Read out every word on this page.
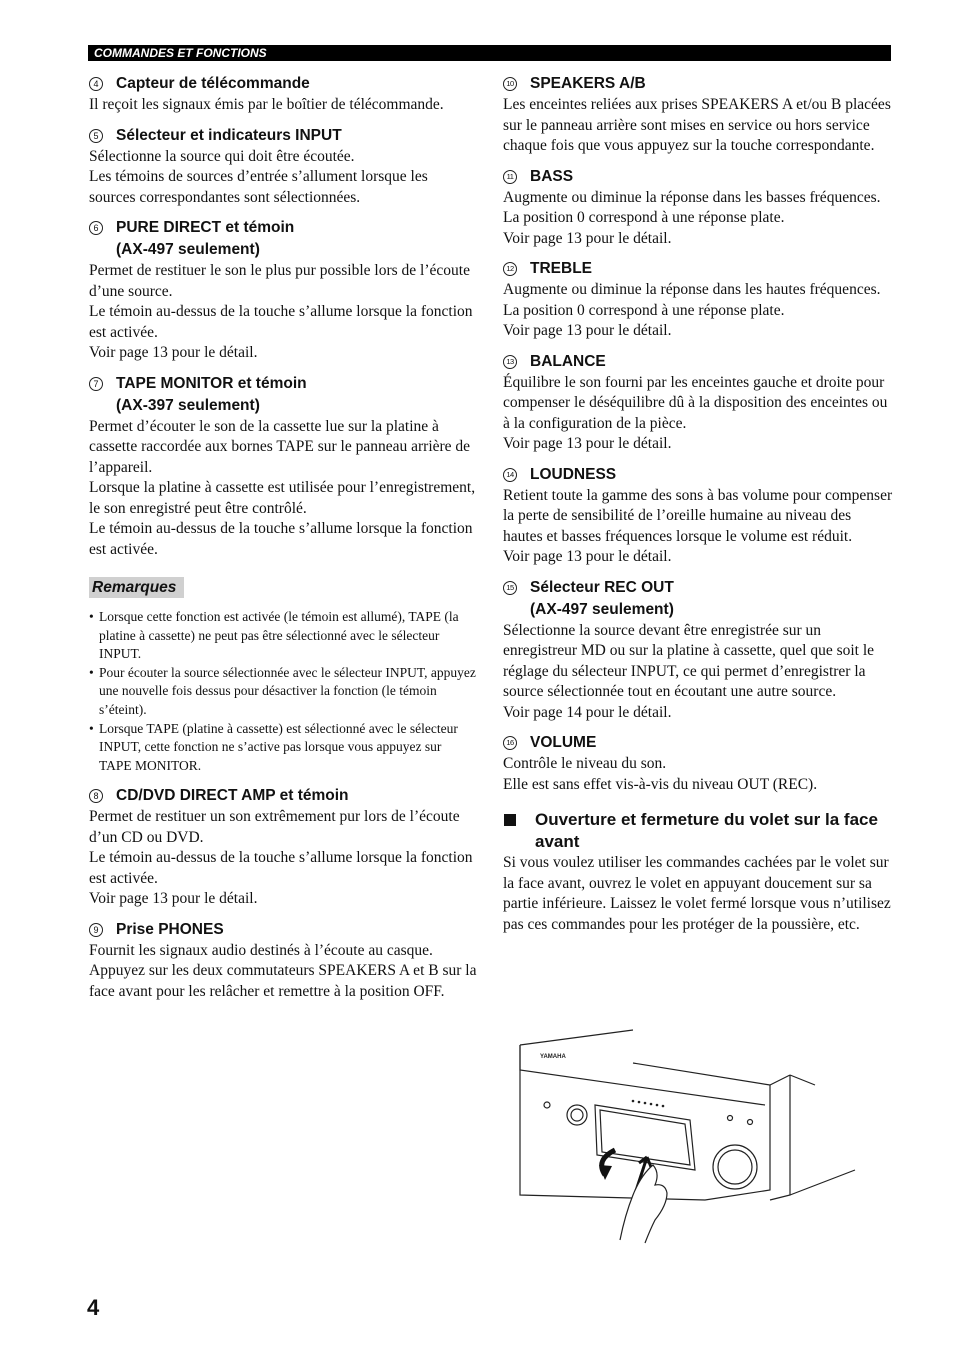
COMMANDES ET FONCTIONS
4 Capteur de télécommande

Il reçoit les signaux émis par le boîtier de télécommande.

5 Sélecteur et indicateurs INPUT

Sélectionne la source qui doit être écoutée.

Les témoins de sources d’entrée s’allument lorsque les sources correspondantes sont sélectionnées.

6 PURE DIRECT et témoin
(AX-497 seulement)

Permet de restituer le son le plus pur possible lors de l’écoute d’une source.

Le témoin au-dessus de la touche s’allume lorsque la fonction est activée.

Voir page 13 pour le détail.

7 TAPE MONITOR et témoin
(AX-397 seulement)

Permet d’écouter le son de la cassette lue sur la platine à cassette raccordée aux bornes TAPE sur le panneau arrière de l’appareil.

Lorsque la platine à cassette est utilisée pour l’enregistrement, le son enregistré peut être contrôlé.

Le témoin au-dessus de la touche s’allume lorsque la fonction est activée.

Remarques
• Lorsque cette fonction est activée (le témoin est allumé), TAPE (la platine à cassette) ne peut pas être sélectionné avec le sélecteur INPUT.
• Pour écouter la source sélectionnée avec le sélecteur INPUT, appuyez une nouvelle fois dessus pour désactiver la fonction (le témoin s’éteint).
• Lorsque TAPE (platine à cassette) est sélectionné avec le sélecteur INPUT, cette fonction ne s’active pas lorsque vous appuyez sur TAPE MONITOR.
8 CD/DVD DIRECT AMP et témoin

Permet de restituer un son extrêmement pur lors de l’écoute d’un CD ou DVD.

Le témoin au-dessus de la touche s’allume lorsque la fonction est activée.

Voir page 13 pour le détail.

9 Prise PHONES

Fournit les signaux audio destinés à l’écoute au casque. Appuyez sur les deux commutateurs SPEAKERS A et B sur la face avant pour les relâcher et remettre à la position OFF.

10 SPEAKERS A/B

Les enceintes reliées aux prises SPEAKERS A et/ou B placées sur le panneau arrière sont mises en service ou hors service chaque fois que vous appuyez sur la touche correspondante.

11 BASS

Augmente ou diminue la réponse dans les basses fréquences. La position 0 correspond à une réponse plate.

Voir page 13 pour le détail.

12 TREBLE

Augmente ou diminue la réponse dans les hautes fréquences. La position 0 correspond à une réponse plate.

Voir page 13 pour le détail.

13 BALANCE

Équilibre le son fourni par les enceintes gauche et droite pour compenser le déséquilibre dû à la disposition des enceintes ou à la configuration de la pièce.

Voir page 13 pour le détail.

14 LOUDNESS

Retient toute la gamme des sons à bas volume pour compenser la perte de sensibilité de l’oreille humaine au niveau des hautes et basses fréquences lorsque le volume est réduit.

Voir page 13 pour le détail.

15 Sélecteur REC OUT
(AX-497 seulement)

Sélectionne la source devant être enregistrée sur un enregistreur MD ou sur la platine à cassette, quel que soit le réglage du sélecteur INPUT, ce qui permet d’enregistrer la source sélectionnée tout en écoutant une autre source.

Voir page 14 pour le détail.

16 VOLUME

Contrôle le niveau du son.

Elle est sans effet vis-à-vis du niveau OUT (REC).

Ouverture et fermeture du volet sur la face avant

Si vous voulez utiliser les commandes cachées par le volet sur la face avant, ouvrez le volet en appuyant doucement sur sa partie inférieure. Laissez le volet fermé lorsque vous n’utilisez pas ces commandes pour les protéger de la poussière, etc.

YAMAHA
4
